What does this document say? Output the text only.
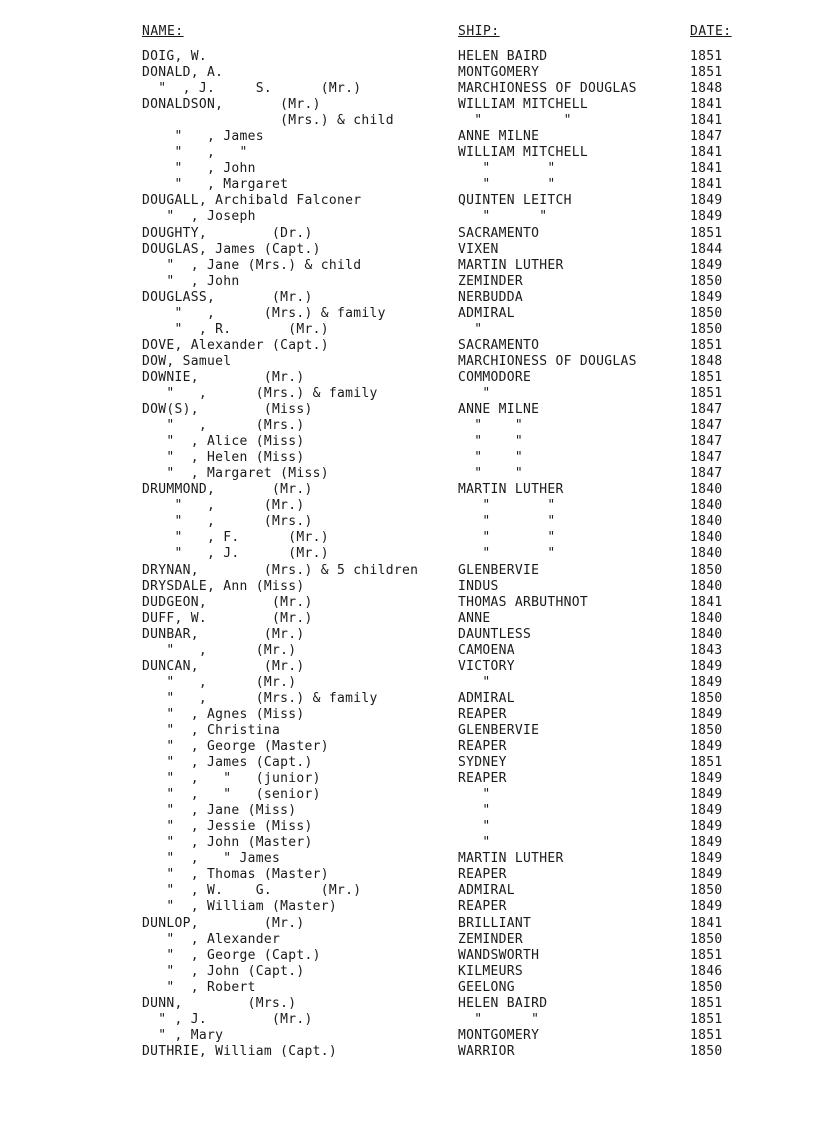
NAME:	SHIP:	DATE:
DOIG, W.	HELEN BAIRD	1851
DONALD, A.	MONTGOMERY	1851
"  , J.     S.      (Mr.)	MARCHIONESS OF DOUGLAS	1848
DONALDSON,       (Mr.)	WILLIAM MITCHELL	1841
(Mrs.) & child	"          "	1841
"   , James	ANNE MILNE	1847
"   ,   "	WILLIAM MITCHELL	1841
"   , John	"       "	1841
"   , Margaret	"       "	1841
DOUGALL, Archibald Falconer	QUINTEN LEITCH	1849
"  , Joseph	"      "	1849
DOUGHTY,        (Dr.)	SACRAMENTO	1851
DOUGLAS, James (Capt.)	VIXEN	1844
"  , Jane (Mrs.) & child	MARTIN LUTHER	1849
"  , John	ZEMINDER	1850
DOUGLASS,       (Mr.)	NERBUDDA	1849
"   ,      (Mrs.) & family	ADMIRAL	1850
"  , R.       (Mr.)	"	1850
DOVE, Alexander (Capt.)	SACRAMENTO	1851
DOW, Samuel	MARCHIONESS OF DOUGLAS	1848
DOWNIE,        (Mr.)	COMMODORE	1851
"   ,      (Mrs.) & family	"	1851
DOW(S),        (Miss)	ANNE MILNE	1847
"   ,      (Mrs.)	"    "	1847
"  , Alice (Miss)	"    "	1847
"  , Helen (Miss)	"    "	1847
"  , Margaret (Miss)	"    "	1847
DRUMMOND,       (Mr.)	MARTIN LUTHER	1840
"   ,      (Mr.)	"       "	1840
"   ,      (Mrs.)	"       "	1840
"   , F.      (Mr.)	"       "	1840
"   , J.      (Mr.)	"       "	1840
DRYNAN,        (Mrs.) & 5 children	GLENBERVIE	1850
DRYSDALE, Ann (Miss)	INDUS	1840
DUDGEON,        (Mr.)	THOMAS ARBUTHNOT	1841
DUFF, W.        (Mr.)	ANNE	1840
DUNBAR,        (Mr.)	DAUNTLESS	1840
"   ,      (Mr.)	CAMOENA	1843
DUNCAN,        (Mr.)	VICTORY	1849
"   ,      (Mr.)	"	1849
"   ,      (Mrs.) & family	ADMIRAL	1850
"  , Agnes (Miss)	REAPER	1849
"  , Christina	GLENBERVIE	1850
"  , George (Master)	REAPER	1849
"  , James (Capt.)	SYDNEY	1851
"  ,   "   (junior)	REAPER	1849
"  ,   "   (senior)	"	1849
"  , Jane (Miss)	"	1849
"  , Jessie (Miss)	"	1849
"  , John (Master)	"	1849
"  ,   " James	MARTIN LUTHER	1849
"  , Thomas (Master)	REAPER	1849
"  , W.    G.      (Mr.)	ADMIRAL	1850
"  , William (Master)	REAPER	1849
DUNLOP,        (Mr.)	BRILLIANT	1841
"  , Alexander	ZEMINDER	1850
"  , George (Capt.)	WANDSWORTH	1851
"  , John (Capt.)	KILMEURS	1846
"  , Robert	GEELONG	1850
DUNN,        (Mrs.)	HELEN BAIRD	1851
" , J.        (Mr.)	"      "	1851
" , Mary	MONTGOMERY	1851
DUTHRIE, William (Capt.)	WARRIOR	1850
